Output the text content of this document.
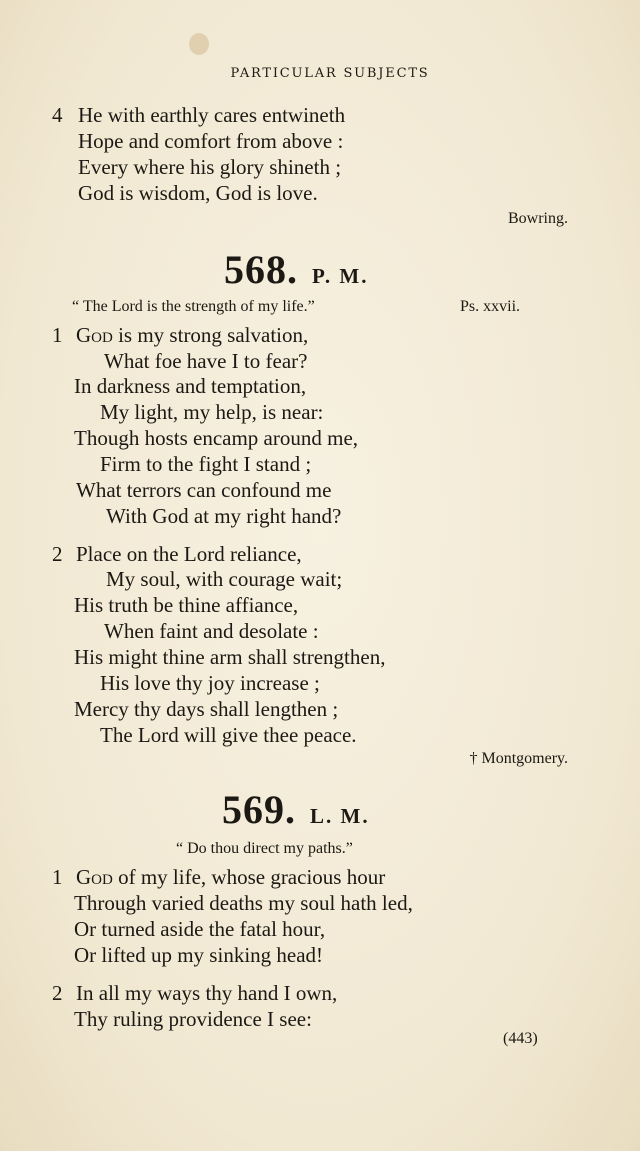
PARTICULAR SUBJECTS
4 He with earthly cares entwineth
Hope and comfort from above :
Every where his glory shineth ;
God is wisdom, God is love.
Bowring.
568. P. M.
“ The Lord is the strength of my life.”	Ps. xxvii.
1 God is my strong salvation,
What foe have I to fear?
In darkness and temptation,
My light, my help, is near:
Though hosts encamp around me,
Firm to the fight I stand ;
What terrors can confound me
With God at my right hand?
2 Place on the Lord reliance,
My soul, with courage wait;
His truth be thine affiance,
When faint and desolate :
His might thine arm shall strengthen,
His love thy joy increase ;
Mercy thy days shall lengthen ;
The Lord will give thee peace.
† Montgomery.
569. L. M.
“ Do thou direct my paths.”
1 God of my life, whose gracious hour
Through varied deaths my soul hath led,
Or turned aside the fatal hour,
Or lifted up my sinking head!
2 In all my ways thy hand I own,
Thy ruling providence I see:
(443)
